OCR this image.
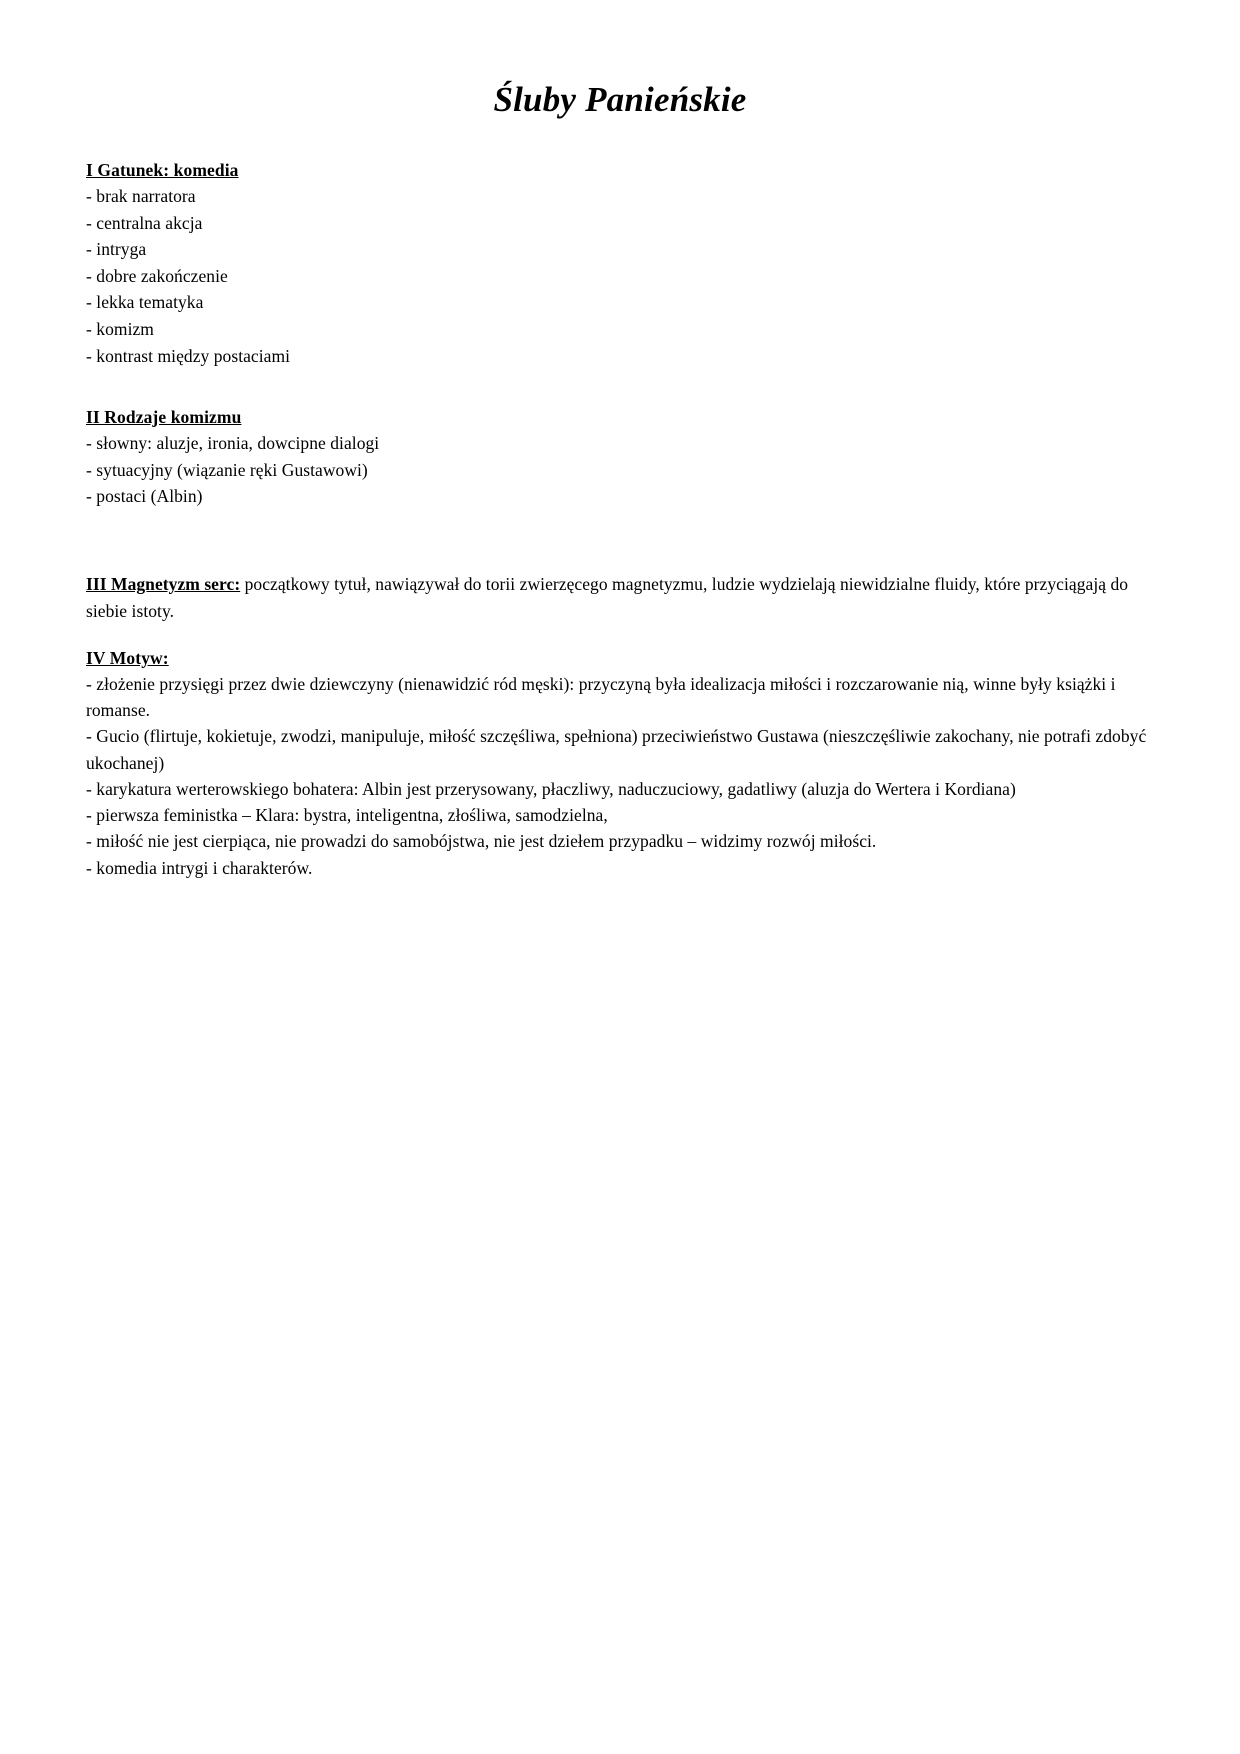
Śluby Panieńskie
I Gatunek: komedia
- brak narratora
- centralna akcja
- intryga
- dobre zakończenie
- lekka tematyka
- komizm
- kontrast między postaciami
II Rodzaje komizmu
- słowny: aluzje, ironia, dowcipne dialogi
- sytuacyjny (wiązanie ręki Gustawowi)
- postaci (Albin)

III Magnetyzm serc: początkowy tytuł, nawiązywał do torii zwierzęcego magnetyzmu, ludzie wydzielają niewidzialne fluidy, które przyciągają do siebie istoty.

IV Motyw:
- złożenie przysięgi przez dwie dziewczyny (nienawidzić ród męski): przyczyną była idealizacja miłości i rozczarowanie nią, winne były książki i romanse.
- Gucio (flirtuje, kokietuje, zwodzi, manipuluje, miłość szczęśliwa, spełniona) przeciwieństwo Gustawa (nieszczęśliwie zakochany, nie potrafi zdobyć ukochanej)
- karykatura werterowskiego bohatera: Albin jest przerysowany, płaczliwy, naduczuciowy, gadatliwy (aluzja do Wertera i Kordiana)
- pierwsza feministka – Klara: bystra, inteligentna, złośliwa, samodzielna,
- miłość nie jest cierpiąca, nie prowadzi do samobójstwa, nie jest dziełem przypadku – widzimy rozwój miłości.
- komedia intrygi i charakterów.
